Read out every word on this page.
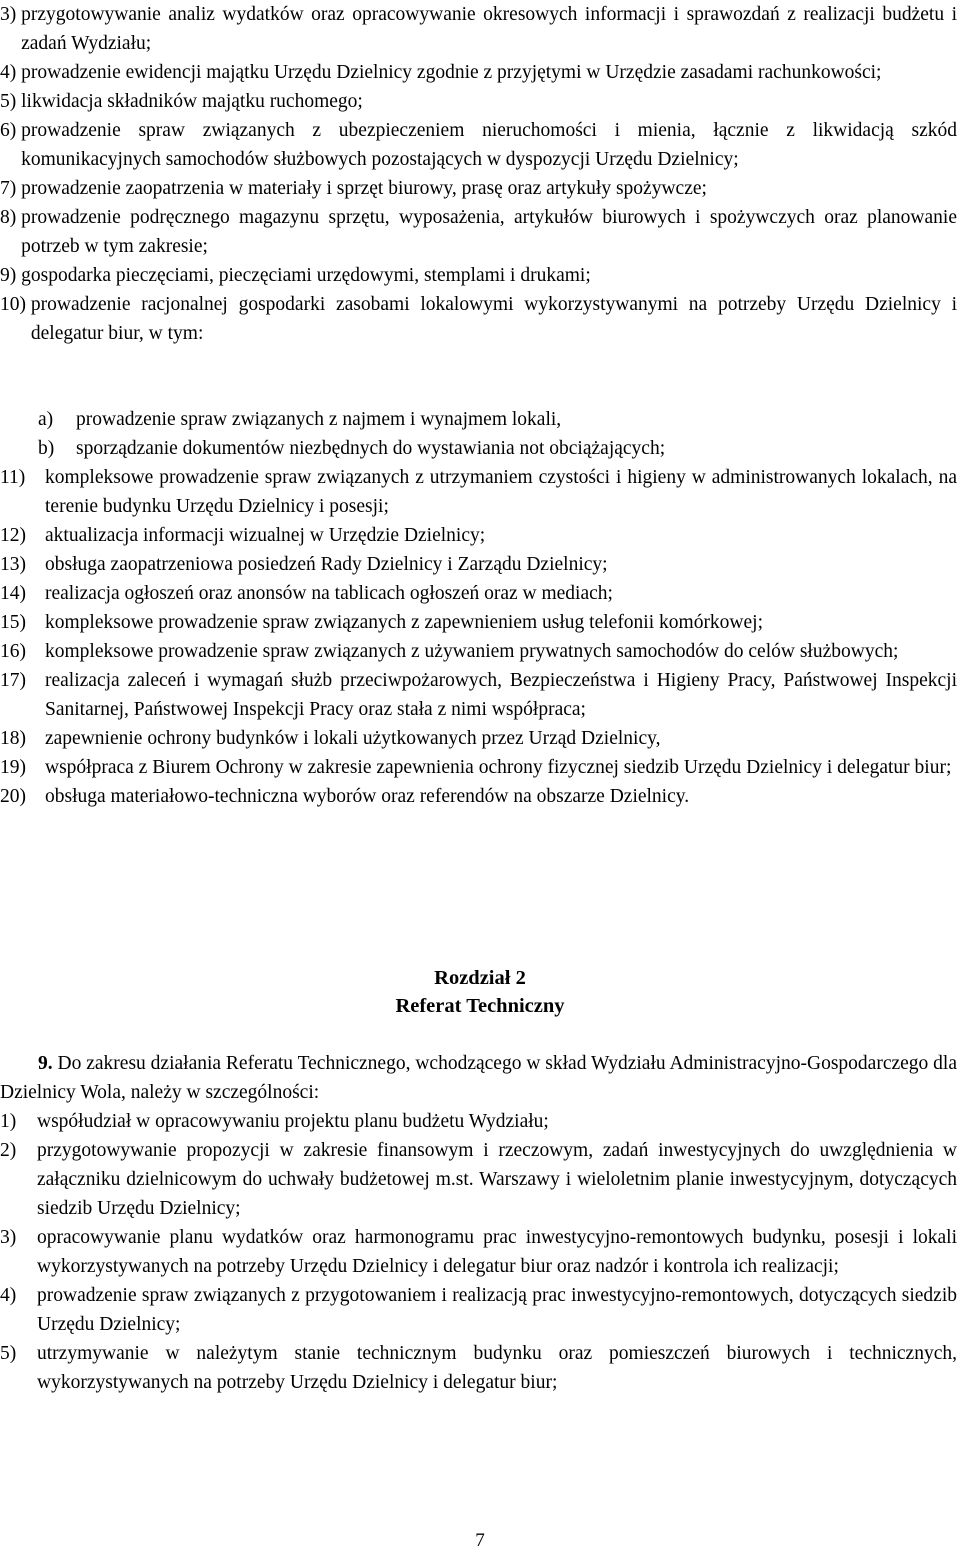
3) przygotowywanie analiz wydatków oraz opracowywanie okresowych informacji i sprawozdań z realizacji budżetu i zadań Wydziału;
4) prowadzenie ewidencji majątku Urzędu Dzielnicy zgodnie z przyjętymi w Urzędzie zasadami rachunkowości;
5) likwidacja składników majątku ruchomego;
6) prowadzenie spraw związanych z ubezpieczeniem nieruchomości i mienia, łącznie z likwidacją szkód komunikacyjnych samochodów służbowych pozostających w dyspozycji Urzędu Dzielnicy;
7) prowadzenie zaopatrzenia w materiały i sprzęt biurowy, prasę oraz artykuły spożywcze;
8) prowadzenie podręcznego magazynu sprzętu, wyposażenia, artykułów biurowych i spożywczych oraz planowanie potrzeb w tym zakresie;
9) gospodarka pieczęciami, pieczęciami urzędowymi, stemplami i drukami;
10) prowadzenie racjonalnej gospodarki zasobami lokalowymi wykorzystywanymi na potrzeby Urzędu Dzielnicy i delegatur biur, w tym:
a)	prowadzenie spraw związanych z najmem i wynajmem lokali,
b)	sporządzanie dokumentów niezbędnych do wystawiania not obciążających;
11)	kompleksowe prowadzenie spraw związanych z utrzymaniem czystości i higieny w administrowanych lokalach, na terenie budynku Urzędu Dzielnicy i posesji;
12) aktualizacja informacji wizualnej w Urzędzie Dzielnicy;
13) obsługa zaopatrzeniowa posiedzeń Rady Dzielnicy i Zarządu Dzielnicy;
14) realizacja ogłoszeń oraz anonsów na tablicach ogłoszeń oraz w mediach;
15) kompleksowe prowadzenie spraw związanych z zapewnieniem usług telefonii komórkowej;
16) kompleksowe prowadzenie spraw związanych z używaniem prywatnych samochodów do celów służbowych;
17) realizacja zaleceń i wymagań służb przeciwpożarowych, Bezpieczeństwa i Higieny Pracy, Państwowej Inspekcji Sanitarnej, Państwowej Inspekcji Pracy oraz stała z nimi współpraca;
18) zapewnienie ochrony budynków i lokali użytkowanych przez Urząd Dzielnicy,
19) współpraca z Biurem Ochrony w zakresie zapewnienia ochrony fizycznej siedzib Urzędu Dzielnicy i delegatur biur;
20) obsługa materiałowo-techniczna wyborów oraz referendów na obszarze Dzielnicy.
Rozdział 2
Referat Techniczny
9. Do zakresu działania Referatu Technicznego, wchodzącego w skład Wydziału Administracyjno-Gospodarczego dla Dzielnicy Wola, należy w szczególności:
1)	współudział w opracowywaniu projektu planu budżetu Wydziału;
2)	przygotowywanie propozycji w zakresie finansowym i rzeczowym, zadań inwestycyjnych do uwzględnienia w załączniku dzielnicowym do uchwały budżetowej m.st. Warszawy i wieloletnim planie inwestycyjnym, dotyczących siedzib Urzędu Dzielnicy;
3)	opracowywanie planu wydatków oraz harmonogramu prac inwestycyjno-remontowych budynku, posesji i lokali wykorzystywanych na potrzeby Urzędu Dzielnicy i delegatur biur oraz nadzór i kontrola ich realizacji;
4)	prowadzenie spraw związanych z przygotowaniem i realizacją prac inwestycyjno-remontowych, dotyczących siedzib Urzędu Dzielnicy;
5)	utrzymywanie w należytym stanie technicznym budynku oraz pomieszczeń biurowych i technicznych, wykorzystywanych na potrzeby Urzędu Dzielnicy i delegatur biur;
7
